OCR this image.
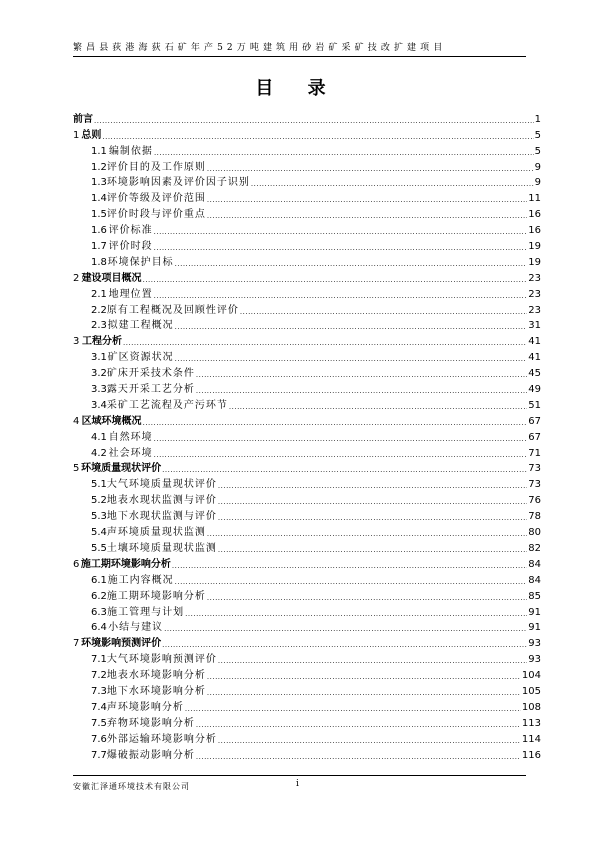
繁昌县荻港海荻石矿年产52万吨建筑用砂岩矿采矿技改扩建项目
目 录
前言 .....	1
1 总则 .....	5
1.1 编制依据 .....	5
1.2 评价目的及工作原则 .....	9
1.3 环境影响因素及评价因子识别 .....	9
1.4 评价等级及评价范围 .....	11
1.5 评价时段与评价重点 .....	16
1.6 评价标准 .....	16
1.7 评价时段 .....	19
1.8 环境保护目标 .....	19
2 建设项目概况 .....	23
2.1 地理位置 .....	23
2.2 原有工程概况及回顾性评价 .....	23
2.3 拟建工程概况 .....	31
3 工程分析 .....	41
3.1 矿区资源状况 .....	41
3.2 矿床开采技术条件 .....	45
3.3 露天开采工艺分析 .....	49
3.4 采矿工艺流程及产污环节 .....	51
4 区域环境概况 .....	67
4.1 自然环境 .....	67
4.2 社会环境 .....	71
5 环境质量现状评价 .....	73
5.1 大气环境质量现状评价 .....	73
5.2 地表水现状监测与评价 .....	76
5.3 地下水现状监测与评价 .....	78
5.4 声环境质量现状监测 .....	80
5.5 土壤环境质量现状监测 .....	82
6 施工期环境影响分析 .....	84
6.1 施工内容概况 .....	84
6.2 施工期环境影响分析 .....	85
6.3 施工管理与计划 .....	91
6.4 小结与建议 .....	91
7 环境影响预测评价 .....	93
7.1 大气环境影响预测评价 .....	93
7.2 地表水环境影响分析 .....	104
7.3 地下水环境影响分析 .....	105
7.4 声环境影响分析 .....	108
7.5 弃物环境影响分析 .....	113
7.6 外部运输环境影响分析 .....	114
7.7 爆破振动影响分析 .....	116
安徽汇泽通环境技术有限公司	i
